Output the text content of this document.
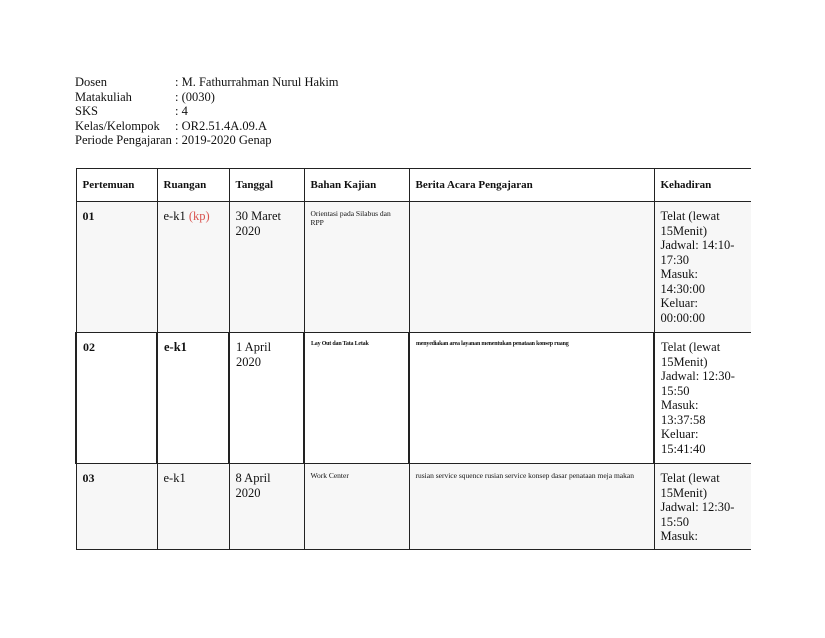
Dosen	: M. Fathurrahman Nurul Hakim
Matakuliah	: (0030)
SKS	: 4
Kelas/Kelompok	: OR2.51.4A.09.A
Periode Pengajaran : 2019-2020 Genap
Pertemuan	Ruangan	Tanggal	Bahan Kajian	Berita Acara Pengajaran	Kehadiran
01	e-k1 (kp)	30 Maret 2020	Orientasi pada Silabus dan RPP		Telat (lewat 15Menit)
Jadwal: 14:10-17:30
Masuk: 14:30:00
Keluar: 00:00:00

02	e-k1	1 April 2020	Lay Out dan Tata Letak	menyediakan area layanan menentukan penataan konsep ruang	Telat (lewat 15Menit)
Jadwal: 12:30-15:50
Masuk: 13:37:58
Keluar: 15:41:40

03	e-k1	8 April 2020	Work Center	rusian service squence rusian service konsep dasar penataan meja makan	Telat (lewat 15Menit)
Jadwal: 12:30-15:50
Masuk:
